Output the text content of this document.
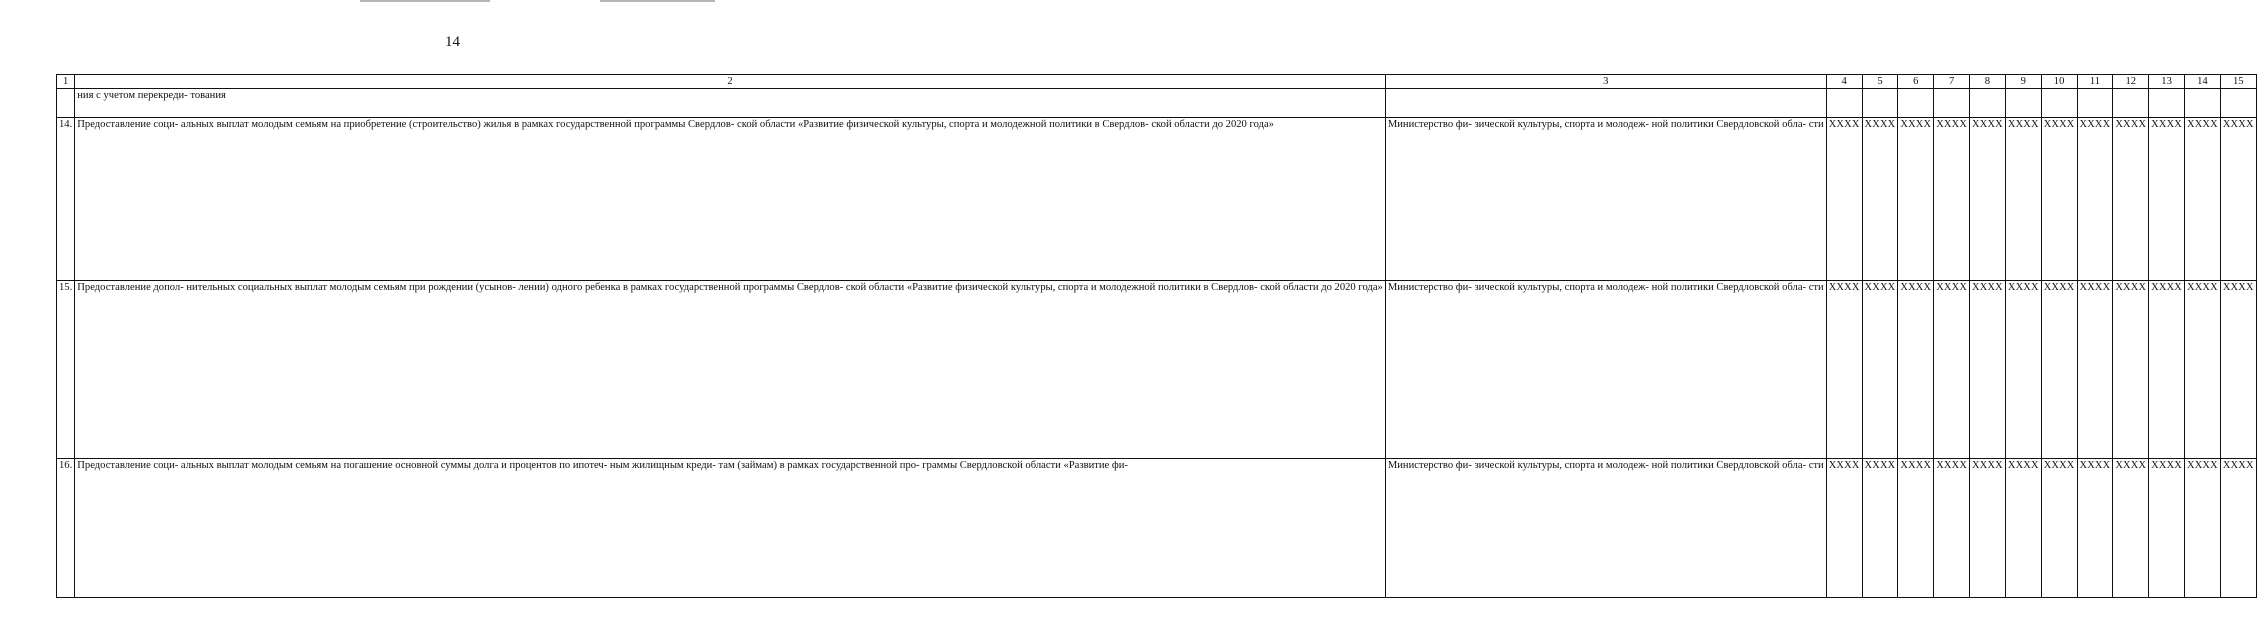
14
1	2	3	4	5	6	7	8	9	10	11	12	13	14	15
	ния с учетом перекреди- тования													
14.	Предоставление соци- альных выплат молодым семьям на приобретение (строительство) жилья в рамках государственной программы Свердлов- ской области «Развитие физической культуры, спорта и молодежной политики в Свердлов- ской области до 2020 года»	Министерство фи- зической культуры, спорта и молодеж- ной политики Свердловской обла- сти	XXXX	XXXX	XXXX	XXXX	XXXX	XXXX	XXXX	XXXX	XXXX	XXXX	XXXX	XXXX
15.	Предоставление допол- нительных социальных выплат молодым семьям при рождении (усынов- лении) одного ребенка в рамках государственной программы Свердлов- ской области «Развитие физической культуры, спорта и молодежной политики в Свердлов- ской области до 2020 года»	Министерство фи- зической культуры, спорта и молодеж- ной политики Свердловской обла- сти	XXXX	XXXX	XXXX	XXXX	XXXX	XXXX	XXXX	XXXX	XXXX	XXXX	XXXX	XXXX
16.	Предоставление соци- альных выплат молодым семьям на погашение основной суммы долга и процентов по ипотеч- ным жилищным креди- там (займам) в рамках государственной про- граммы Свердловской области «Развитие фи-	Министерство фи- зической культуры, спорта и молодеж- ной политики Свердловской обла- сти	XXXX	XXXX	XXXX	XXXX	XXXX	XXXX	XXXX	XXXX	XXXX	XXXX	XXXX	XXXX
